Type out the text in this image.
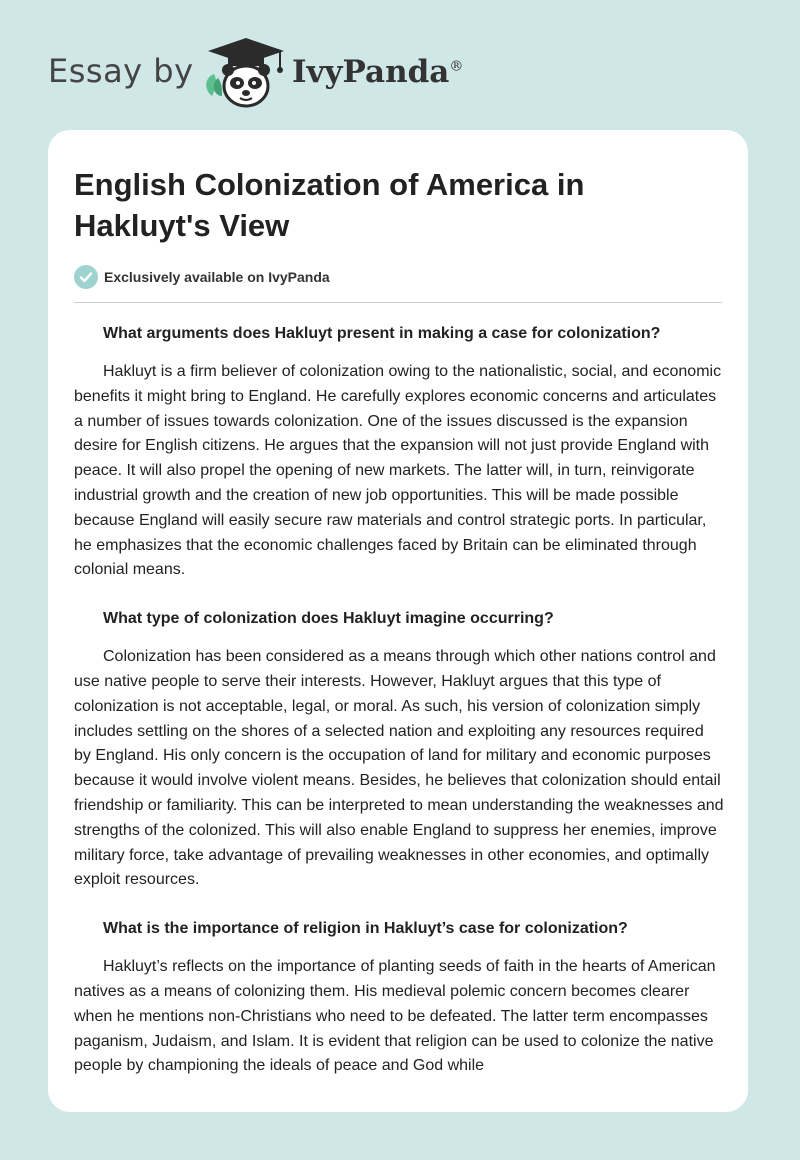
Essay by	IvyPanda®
English Colonization of America in Hakluyt's View
Exclusively available on IvyPanda
What arguments does Hakluyt present in making a case for colonization?

Hakluyt is a firm believer of colonization owing to the nationalistic, social, and economic benefits it might bring to England. He carefully explores economic concerns and articulates a number of issues towards colonization. One of the issues discussed is the expansion desire for English citizens. He argues that the expansion will not just provide England with peace. It will also propel the opening of new markets. The latter will, in turn, reinvigorate industrial growth and the creation of new job opportunities. This will be made possible because England will easily secure raw materials and control strategic ports. In particular, he emphasizes that the economic challenges faced by Britain can be eliminated through colonial means.

What type of colonization does Hakluyt imagine occurring?

Colonization has been considered as a means through which other nations control and use native people to serve their interests. However, Hakluyt argues that this type of colonization is not acceptable, legal, or moral. As such, his version of colonization simply includes settling on the shores of a selected nation and exploiting any resources required by England. His only concern is the occupation of land for military and economic purposes because it would involve violent means. Besides, he believes that colonization should entail friendship or familiarity. This can be interpreted to mean understanding the weaknesses and strengths of the colonized. This will also enable England to suppress her enemies, improve military force, take advantage of prevailing weaknesses in other economies, and optimally exploit resources.

What is the importance of religion in Hakluyt’s case for colonization?

Hakluyt’s reflects on the importance of planting seeds of faith in the hearts of American natives as a means of colonizing them. His medieval polemic concern becomes clearer when he mentions non-Christians who need to be defeated. The latter term encompasses paganism, Judaism, and Islam. It is evident that religion can be used to colonize the native people by championing the ideals of peace and God while
